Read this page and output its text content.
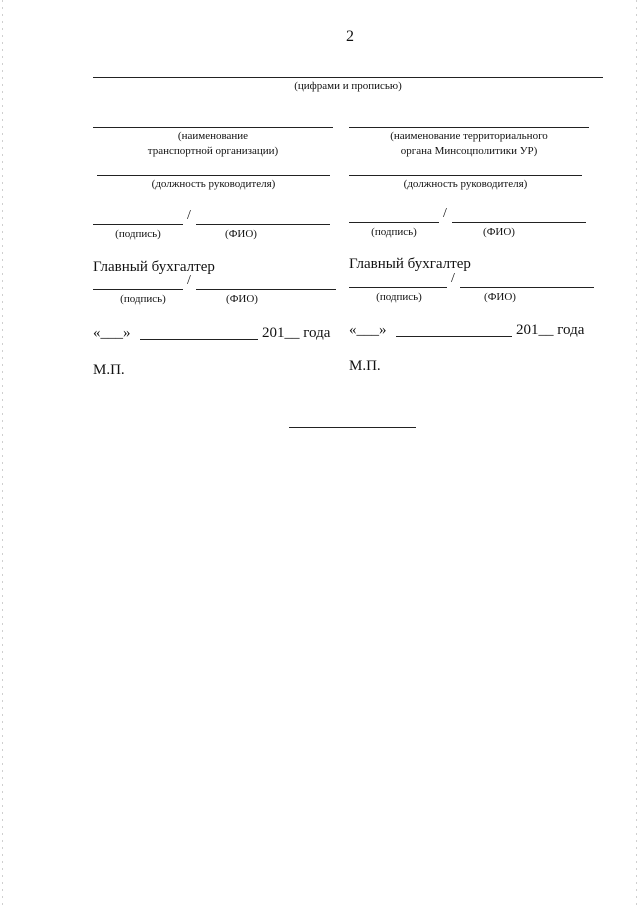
2
(цифрами и прописью)
(наименование
транспортной организации)
(должность руководителя)
/
(подпись)	(ФИО)
Главный бухгалтер
/
(подпись)	(ФИО)
«___»	201__ года
М.П.
(наименование территориального
органа Минсоцполитики УР)
(должность руководителя)
/
(подпись)	(ФИО)
Главный бухгалтер
/
(подпись)	(ФИО)
«___»	201__ года
М.П.
